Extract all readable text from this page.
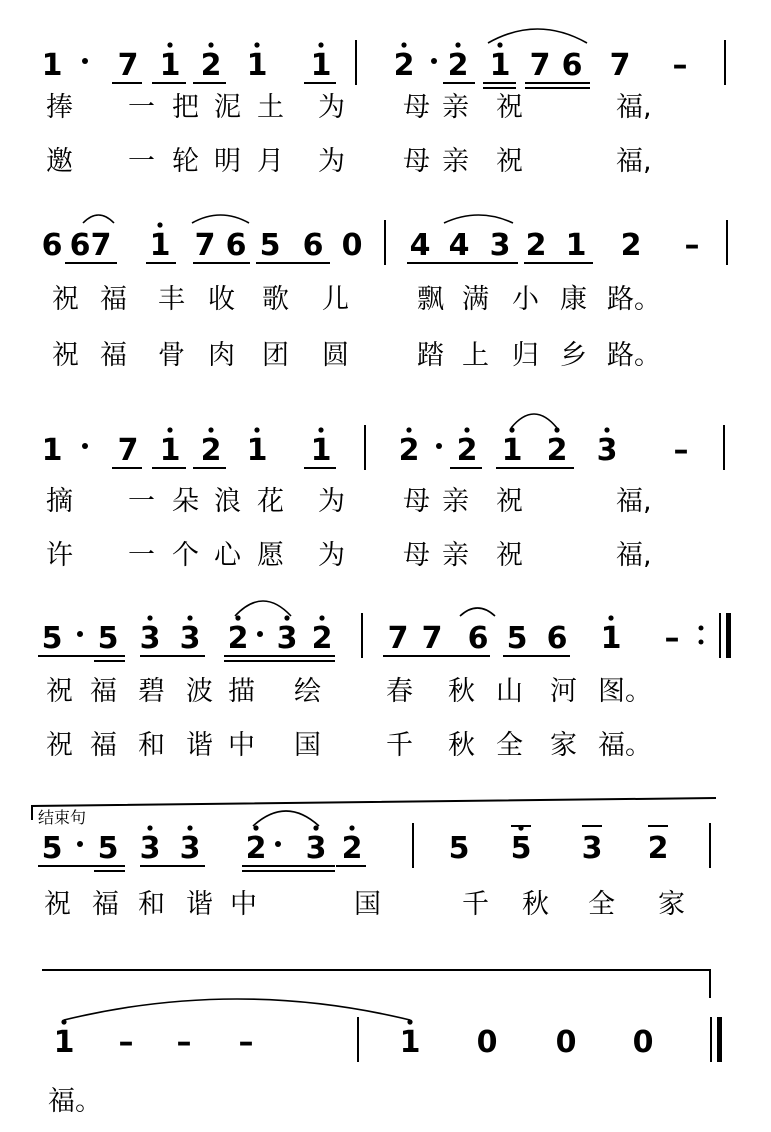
结束句
1 7 1 2 1 1 2 2 1 7 6 7 –
捧 一 把 泥 土 为 母 亲 祝	福,
邀 一 轮 明 月 为 母 亲 祝	福,
6 6 7 1 7 6 5 6 0 4 4 3 2 1 2 –
祝 福 丰 收 歌 儿	飘 满 小 康 路。
祝 福 骨 肉 团 圆	踏 上 归 乡 路。
1 7 1 2 1 1 2 2 1 2 3 –
摘 一 朵 浪 花 为 母 亲 祝	福,
许 一 个 心 愿 为 母 亲 祝	福,
5 5 3 3 2 3 2 7 7 6 5 6 1 –
祝 福 碧 波 描 绘 春 秋 山 河 图。
祝 福 和 谐 中 国 千 秋 全 家 福。
5 5 3 3 2 3 2	5 5 3 2
祝 福 和 谐 中	国	千 秋 全 家
1 – – –	1 0 0 0
福。
